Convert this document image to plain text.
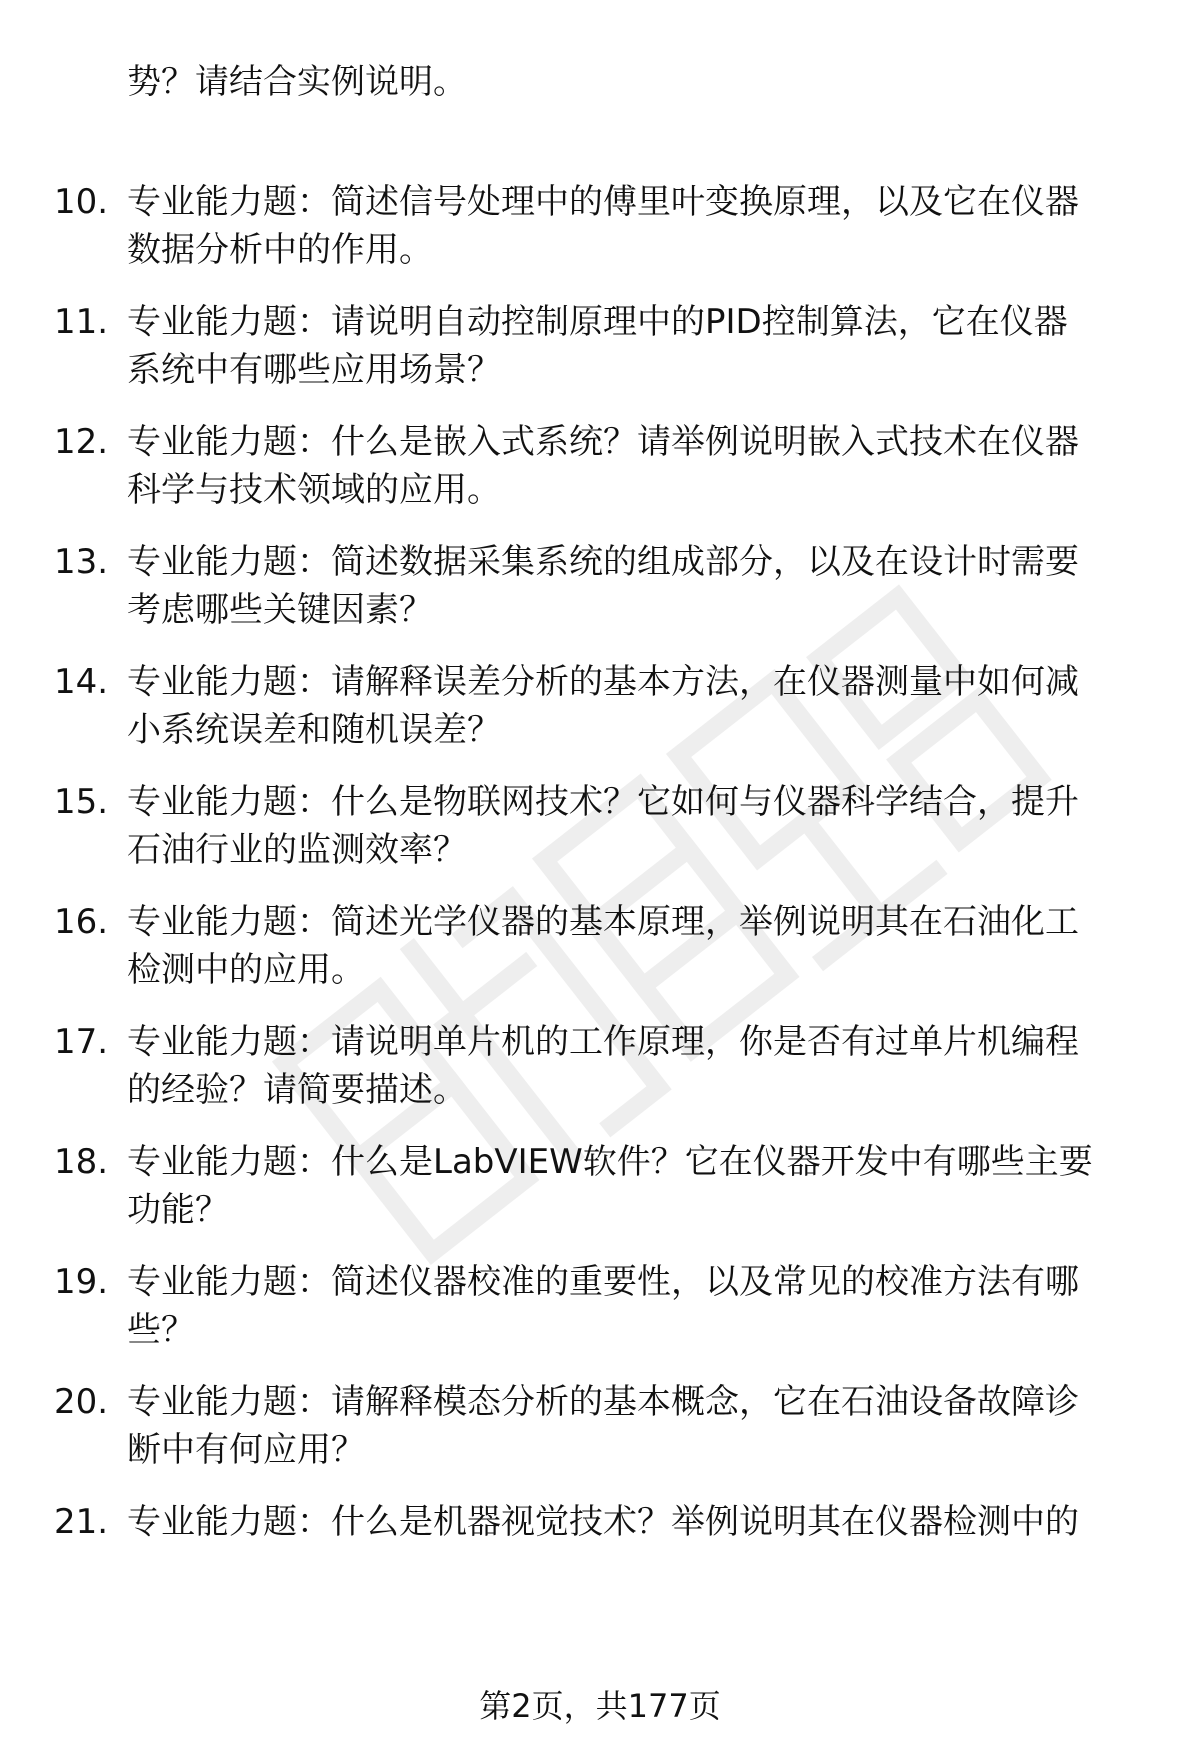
势？请结合实例说明。
10. 专业能力题：简述信号处理中的傅里叶变换原理，以及它在仪器
数据分析中的作用。
11. 专业能力题：请说明自动控制原理中的PID控制算法，它在仪器
系统中有哪些应用场景？
12. 专业能力题：什么是嵌入式系统？请举例说明嵌入式技术在仪器
科学与技术领域的应用。
13. 专业能力题：简述数据采集系统的组成部分，以及在设计时需要
考虑哪些关键因素？
14. 专业能力题：请解释误差分析的基本方法，在仪器测量中如何减
小系统误差和随机误差？
15. 专业能力题：什么是物联网技术？它如何与仪器科学结合，提升
石油行业的监测效率？
16. 专业能力题：简述光学仪器的基本原理，举例说明其在石油化工
检测中的应用。
17. 专业能力题：请说明单片机的工作原理，你是否有过单片机编程
的经验？请简要描述。
18. 专业能力题：什么是LabVIEW软件？它在仪器开发中有哪些主要
功能？
19. 专业能力题：简述仪器校准的重要性，以及常见的校准方法有哪
些？
20. 专业能力题：请解释模态分析的基本概念，它在石油设备故障诊
断中有何应用？
21. 专业能力题：什么是机器视觉技术？举例说明其在仪器检测中的
第2页，共177页
